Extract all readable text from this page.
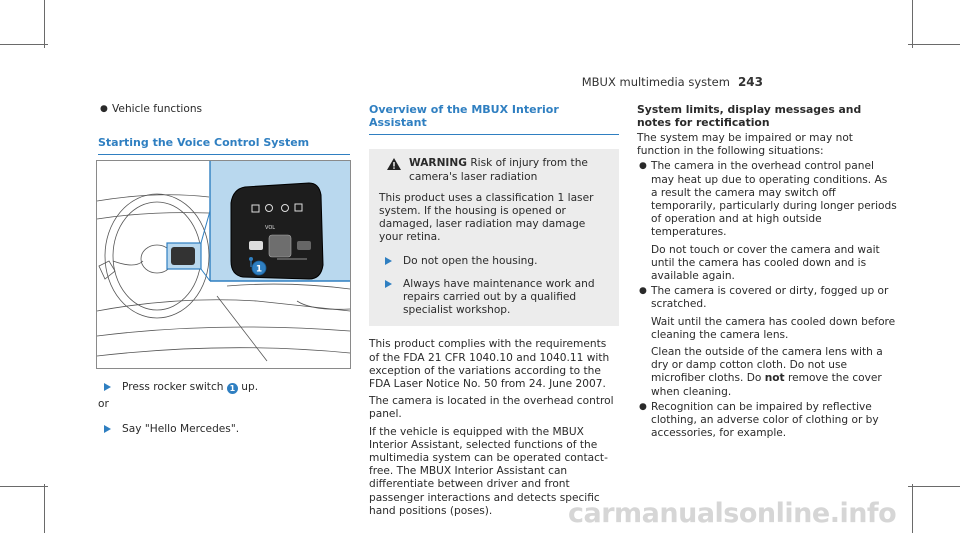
MBUX multimedia system 243

● Vehicle functions

Starting the Voice Control System

VOL
1

Press rocker switch 1 up.

or

Say "Hello Mercedes".

Overview of the MBUX Interior Assistant

WARNING Risk of injury from the camera's laser radiation

This product uses a classification 1 laser system. If the housing is opened or damaged, laser radiation may damage your retina.

Do not open the housing.

Always have maintenance work and repairs carried out by a qualified specialist workshop.

This product complies with the requirements of the FDA 21 CFR 1040.10 and 1040.11 with exception of the variations according to the FDA Laser Notice No. 50 from 24. June 2007.

The camera is located in the overhead control panel.

If the vehicle is equipped with the MBUX Interior Assistant, selected functions of the multimedia system can be operated contact-free. The MBUX Interior Assistant can differentiate between driver and front passenger interactions and detects specific hand positions (poses).

System limits, display messages and notes for rectification

The system may be impaired or may not function in the following situations:

● The camera in the overhead control panel may heat up due to operating conditions. As a result the camera may switch off temporarily, particularly during longer periods of operation and at high outside temperatures.

Do not touch or cover the camera and wait until the camera has cooled down and is available again.

● The camera is covered or dirty, fogged up or scratched.

Wait until the camera has cooled down before cleaning the camera lens.

Clean the outside of the camera lens with a dry or damp cotton cloth. Do not use microfiber cloths. Do not remove the cover when cleaning.

● Recognition can be impaired by reflective clothing, an adverse color of clothing or by accessories, for example.

carmanualsonline.info
